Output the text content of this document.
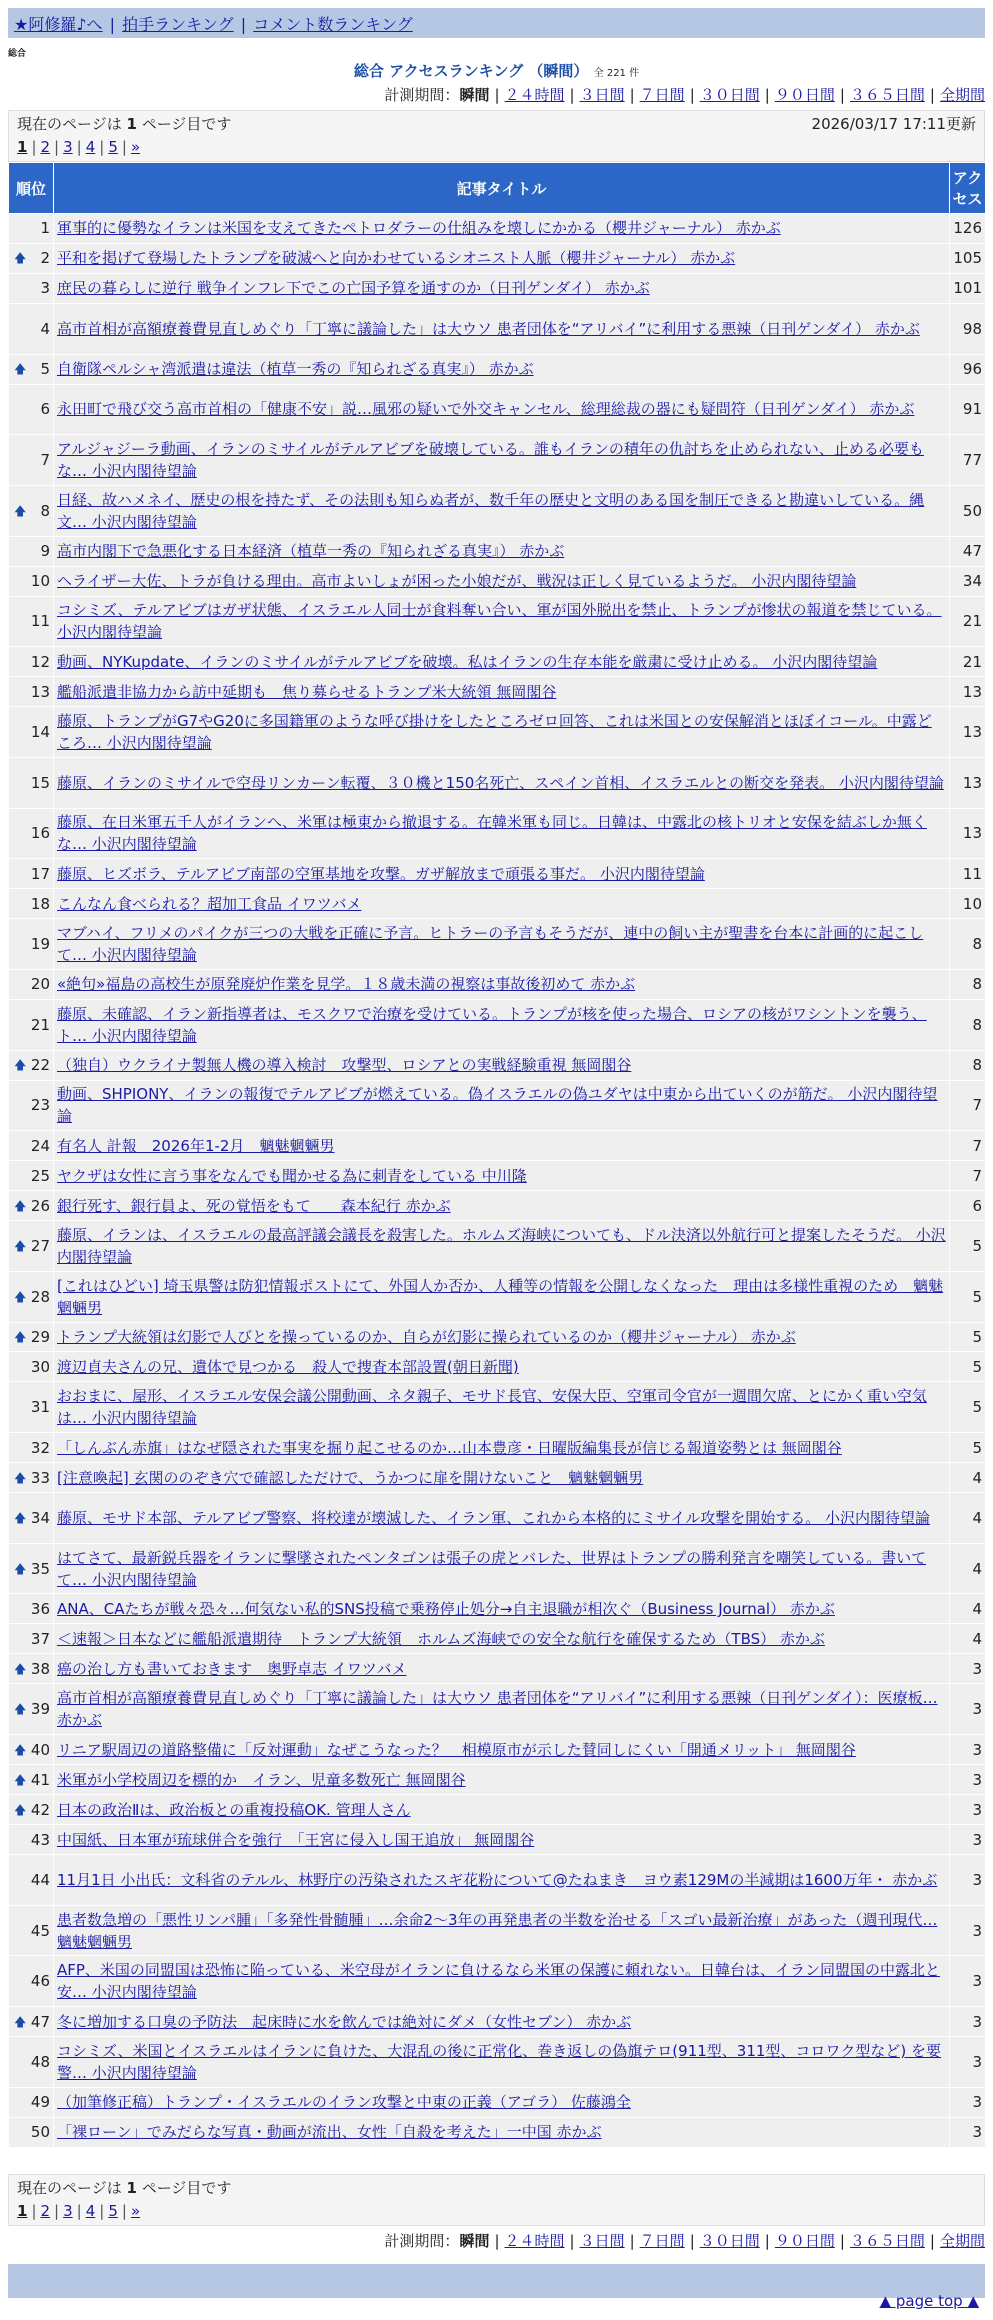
★阿修羅♪へ | 拍手ランキング | コメント数ランキング
総合
総合 アクセスランキング （瞬間） 全 221 件
計測期間：瞬間 | ２４時間 | ３日間 | ７日間 | ３０日間 | ９０日間 | ３６５日間 | 全期間
現在のページは 1 ページ目です	2026/03/17 17:11更新
1 | 2 | 3 | 4 | 5 | »
順位	記事タイトル	アクセス
1	軍事的に優勢なイランは米国を支えてきたペトロダラーの仕組みを壊しにかかる（櫻井ジャーナル） 赤かぶ	126

🡅 2	平和を掲げて登場したトランプを破滅へと向かわせているシオニスト人脈（櫻井ジャーナル） 赤かぶ	105
3	庶民の暮らしに逆行 戦争インフレ下でこの亡国予算を通すのか（日刊ゲンダイ） 赤かぶ	101
4	高市首相が高額療養費見直しめぐり「丁寧に議論した」は大ウソ 患者団体を“アリバイ”に利用する悪辣（日刊ゲンダイ） 赤かぶ	98

🡅 5	自衛隊ペルシャ湾派遣は違法（植草一秀の『知られざる真実』） 赤かぶ	96
6	永田町で飛び交う高市首相の「健康不安」説…風邪の疑いで外交キャンセル、総理総裁の器にも疑問符（日刊ゲンダイ） 赤かぶ	91
7	アルジャジーラ動画、イランのミサイルがテルアビブを破壊している。誰もイランの積年の仇討ちを止められない、止める必要もな… 小沢内閣待望論	77

🡅 8	日経、故ハメネイ、歴史の根を持たず、その法則も知らぬ者が、数千年の歴史と文明のある国を制圧できると勘違いしている。縄文… 小沢内閣待望論	50
9	高市内閣下で急悪化する日本経済（植草一秀の『知られざる真実』） 赤かぶ	47
10	ヘライザー大佐、トラが負ける理由。高市よいしょが困った小娘だが、戦況は正しく見ているようだ。 小沢内閣待望論	34
11	コシミズ、テルアビブはガザ状態、イスラエル人同士が食料奪い合い、軍が国外脱出を禁止、トランプが惨状の報道を禁じている。 小沢内閣待望論	21
12	動画、NYKupdate、イランのミサイルがテルアビブを破壊。私はイランの生存本能を厳粛に受け止める。 小沢内閣待望論	21
13	艦船派遣非協力から訪中延期も　焦り募らせるトランプ米大統領 無岡閣谷	13
14	藤原、トランプがG7やG20に多国籍軍のような呼び掛けをしたところゼロ回答、これは米国との安保解消とほぼイコール。中露どころ… 小沢内閣待望論	13
15	藤原、イランのミサイルで空母リンカーン転覆、３０機と150名死亡、スペイン首相、イスラエルとの断交を発表。 小沢内閣待望論	13
16	藤原、在日米軍五千人がイランへ、米軍は極東から撤退する。在韓米軍も同じ。日韓は、中露北の核トリオと安保を結ぶしか無くな… 小沢内閣待望論	13
17	藤原、ヒズボラ、テルアビブ南部の空軍基地を攻撃。ガザ解放まで頑張る事だ。 小沢内閣待望論	11
18	こんなん食べられる？超加工食品 イワツバメ	10
19	マブハイ、フリメのパイクが三つの大戦を正確に予言。ヒトラーの予言もそうだが、連中の飼い主が聖書を台本に計画的に起こして… 小沢内閣待望論	8
20	«絶句»福島の高校生が原発廃炉作業を見学。１８歳未満の視察は事故後初めて 赤かぶ	8
21	藤原、未確認、イラン新指導者は、モスクワで治療を受けている。トランプが核を使った場合、ロシアの核がワシントンを襲う、ト… 小沢内閣待望論	8

🡅 22	（独自）ウクライナ製無人機の導入検討　攻撃型、ロシアとの実戦経験重視 無岡閣谷	8
23	動画、SHPIONY、イランの報復でテルアビブが燃えている。偽イスラエルの偽ユダヤは中東から出ていくのが筋だ。 小沢内閣待望論	7
24	有名人 計報　2026年1-2月　魑魅魍魎男	7
25	ヤクザは女性に言う事をなんでも聞かせる為に刺青をしている 中川隆	7

🡅 26	銀行死す、銀行員よ、死の覚悟をもて　　森本紀行 赤かぶ	6

🡅 27	藤原、イランは、イスラエルの最高評議会議長を殺害した。ホルムズ海峡についても、ドル決済以外航行可と提案したそうだ。 小沢内閣待望論	5

🡅 28	[これはひどい] 埼玉県警は防犯情報ポストにて、外国人か否か、人種等の情報を公開しなくなった　理由は多様性重視のため　魑魅魍魎男	5

🡅 29	トランプ大統領は幻影で人びとを操っているのか、自らが幻影に操られているのか（櫻井ジャーナル） 赤かぶ	5
30	渡辺貞夫さんの兄、遺体で見つかる　殺人で捜査本部設置(朝日新聞)	5
31	おおまに、屋形、イスラエル安保会議公開動画、ネタ親子、モサド長官、安保大臣、空軍司令官が一週間欠席、とにかく重い空気は… 小沢内閣待望論	5
32	「しんぶん赤旗」はなぜ隠された事実を掘り起こせるのか…山本豊彦・日曜版編集長が信じる報道姿勢とは 無岡閣谷	5

🡅 33	[注意喚起] 玄関ののぞき穴で確認しただけで、うかつに扉を開けないこと　魑魅魍魎男	4

🡅 34	藤原、モサド本部、テルアビブ警察、将校達が壊滅した、イラン軍、これから本格的にミサイル攻撃を開始する。 小沢内閣待望論	4

🡅 35	はてさて、最新鋭兵器をイランに撃墜されたペンタゴンは張子の虎とバレた、世界はトランプの勝利発言を嘲笑している。書いてて… 小沢内閣待望論	4
36	ANA、CAたちが戦々恐々…何気ない私的SNS投稿で乗務停止処分→自主退職が相次ぐ（Business Journal） 赤かぶ	4
37	＜速報＞日本などに艦船派遣期待　トランプ大統領　ホルムズ海峡での安全な航行を確保するため（TBS） 赤かぶ	4

🡅 38	癌の治し方も書いておきます　奥野卓志 イワツバメ	3

🡅 39	高市首相が高額療養費見直しめぐり「丁寧に議論した」は大ウソ 患者団体を“アリバイ”に利用する悪辣（日刊ゲンダイ）：医療板… 赤かぶ	3

🡅 40	リニア駅周辺の道路整備に「反対運動」なぜこうなった？　相模原市が示した賛同しにくい「開通メリット」 無岡閣谷	3

🡅 41	米軍が小学校周辺を標的か　イラン、児童多数死亡 無岡閣谷	3

🡅 42	日本の政治Ⅱは、政治板との重複投稿OK. 管理人さん	3
43	中国紙、日本軍が琉球併合を強行　「王宮に侵入し国王追放」 無岡閣谷	3
44	11月1日 小出氏：文科省のテルル、林野庁の汚染されたスギ花粉について@たねまき　ヨウ素129Mの半減期は1600万年・ 赤かぶ	3
45	患者数急増の「悪性リンパ腫」「多発性骨髄腫」…余命2〜3年の再発患者の半数を治せる「スゴい最新治療」があった（週刊現代… 魑魅魍魎男	3
46	AFP、米国の同盟国は恐怖に陥っている、米空母がイランに負けるなら米軍の保護に頼れない。日韓台は、イラン同盟国の中露北と安… 小沢内閣待望論	3

🡅 47	冬に増加する口臭の予防法　起床時に水を飲んでは絶対にダメ（女性セブン） 赤かぶ	3
48	コシミズ、米国とイスラエルはイランに負けた、大混乱の後に正常化、巻き返しの偽旗テロ(911型、311型、コロワク型など) を要警… 小沢内閣待望論	3
49	（加筆修正稿）トランプ・イスラエルのイラン攻撃と中東の正義（アゴラ） 佐藤鴻全	3
50	「裸ローン」でみだらな写真・動画が流出、女性「自殺を考えた」一中国 赤かぶ	3
現在のページは 1 ページ目です
1 | 2 | 3 | 4 | 5 | »
計測期間：瞬間 | ２４時間 | ３日間 | ７日間 | ３０日間 | ９０日間 | ３６５日間 | 全期間
▲ page top ▲
